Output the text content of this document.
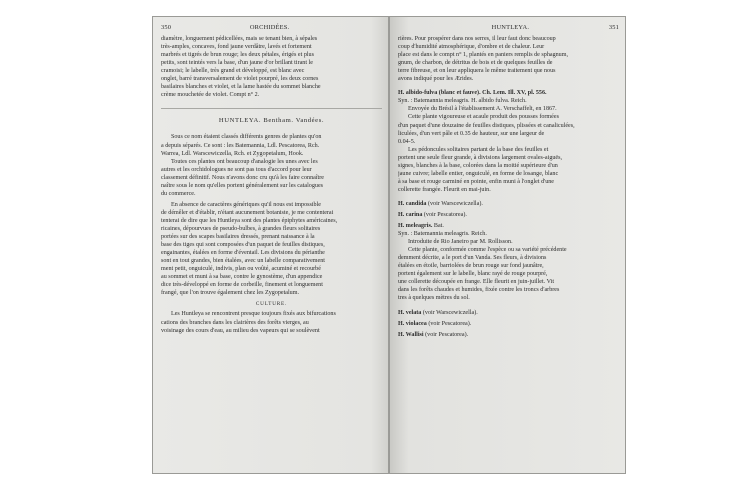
350	ORCHIDÉES.

diamètre, longuement pédicellées, mais se tenant bien, à sépales

très-amples, concaves, fond jaune verdâtre, lavés et fortement

marbrés et tigrés de brun rouge; les deux pétales, érigés et plus

petits, sont teintés vers la base, d'un jaune d'or brillant tirant le

cramoisi; le labelle, très grand et développé, est blanc avec

onglet, barré transversalement de violet pourpré, les deux cornes

basilaires blanches et violet, et la lame hastée du sommet blanche

crème mouchetée de violet. Compt n° 2.

HUNTLEYA. Bentham. Vandées.

Sous ce nom étaient classés différents genres de plantes qu'on

a depuis séparés. Ce sont : les Batemannia, Ldl. Pescatorea, Rch.

Warrea, Ldl. Warscewiczella, Rch. et Zygopetalum, Hook.

Toutes ces plantes ont beaucoup d'analogie les unes avec les

autres et les orchidologues ne sont pas tous d'accord pour leur

classement définitif. Nous n'avons donc cru qu'à les faire connaître

naître sous le nom qu'elles portent généralement sur les catalogues

du commerce.

En absence de caractères génériques qu'il nous est impossible

de démêler et d'établir, n'étant aucunement botaniste, je me contenterai

tenterai de dire que les Huntleya sont des plantes épiphytes américaines,

ricaines, dépourvues de pseudo-bulbes, à grandes fleurs solitaires

portées sur des scapes basilaires dressés, prenant naissance à la

base des tiges qui sont composées d'un paquet de feuilles distiques,

engainantes, étalées en forme d'éventail. Les divisions du périanthe

sont en tout grandes, bien étalées, avec un labelle comparativement

ment petit, onguiculé, indivis, plan ou voûté, acuminé et recourbé

au sommet et muni à sa base, contre le gynostème, d'un appendice

dice très-développé en forme de corbeille, finement et longuement

frangé, que l'on trouve également chez les Zygopetalum.

CULTURE.

Les Huntleya se rencontrent presque toujours fixés aux bifurcations

cations des branches dans les clairières des forêts vierges, au

voisinage des cours d'eau, au milieu des vapeurs qui se soulèvent

HUNTLEYA.	351

rières. Pour prospérer dans nos serres, il leur faut donc beaucoup

coup d'humidité atmosphérique, d'ombre et de chaleur. Leur

place est dans le compt n° 1, plantés en paniers remplis de sphagnum,

gnum, de charbon, de détritus de bois et de quelques feuilles de

terre fibreuse, et on leur appliquera le même traitement que nous

avons indiqué pour les Ærides.

H. albido-fulva (blanc et fauve). Ch. Lem. Ill. XV, pl. 556.

Syn. : Batemannia meleagris. H. albido fulva. Reich.

Envoyée du Brésil à l'établissement A. Verschaffelt, en 1867.

Cette plante vigoureuse et acaule produit des pousses formées

d'un paquet d'une douzaine de feuilles distiques, plissées et canaliculées,

liculées, d'un vert pâle et 0.35 de hauteur, sur une largeur de

0.04-5.

Les pédoncules solitaires partant de la base des feuilles et

portent une seule fleur grande, à divisions largement ovales-aiguës,

signes, blanches à la base, colorées dans la moitié supérieure d'un

jaune cuivre; labelle entier, onguiculé, en forme de losange, blanc

à sa base et rouge carminé en pointe, enfin muni à l'onglet d'une

collerette frangée. Fleurit en mai-juin.

H. candida (voir Warscewiczella).

H. carina (voir Pescatorea).

H. meleagris. Bat.

Syn. : Batemannia meleagris. Reich.

Introduite de Rio Janeiro par M. Rollisson.

Cette plante, conformée comme l'espèce ou sa variété précédente

demment décrite, a le port d'un Vanda. Ses fleurs, à divisions

étalées en étoile, barriolées de brun rouge sur fond jaunâtre,

portent également sur le labelle, blanc rayé de rouge pourpré,

une collerette découpée en frange. Elle fleurit en juin-juillet. Vit

dans les forêts chaudes et humides, fixée contre les troncs d'arbres

tres à quelques mètres du sol.

H. velata (voir Warscewiczella).

H. violacea (voir Pescatorea).

H. Wallisi (voir Pescatorea).
